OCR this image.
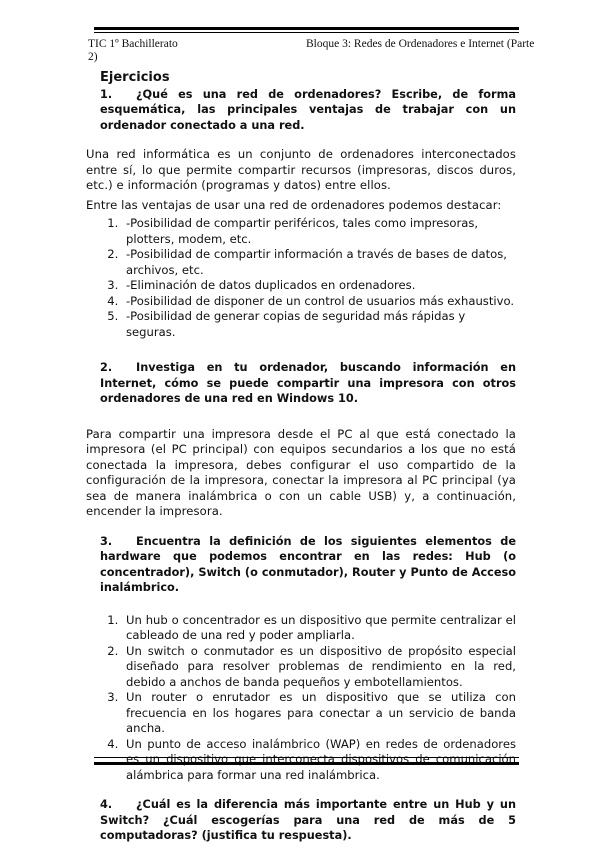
TIC 1º Bachillerato	Bloque 3: Redes de Ordenadores e Internet (Parte
2)
Ejercicios

1. ¿Qué es una red de ordenadores? Escribe, de forma esquemática, las principales ventajas de trabajar con un ordenador conectado a una red.

Una red informática es un conjunto de ordenadores interconectados entre sí, lo que permite compartir recursos (impresoras, discos duros, etc.) e información (programas y datos) entre ellos.

Entre las ventajas de usar una red de ordenadores podemos destacar:

1. -Posibilidad de compartir periféricos, tales como impresoras, plotters, modem, etc.
2. -Posibilidad de compartir información a través de bases de datos, archivos, etc.
3. -Eliminación de datos duplicados en ordenadores.
4. -Posibilidad de disponer de un control de usuarios más exhaustivo.
5. -Posibilidad de generar copias de seguridad más rápidas y seguras.

2. Investiga en tu ordenador, buscando información en Internet, cómo se puede compartir una impresora con otros ordenadores de una red en Windows 10.

Para compartir una impresora desde el PC al que está conectado la impresora (el PC principal) con equipos secundarios a los que no está conectada la impresora, debes configurar el uso compartido de la configuración de la impresora, conectar la impresora al PC principal (ya sea de manera inalámbrica o con un cable USB) y, a continuación, encender la impresora.

3. Encuentra la definición de los siguientes elementos de hardware que podemos encontrar en las redes: Hub (o concentrador), Switch (o conmutador), Router y Punto de Acceso inalámbrico.

1. Un hub o concentrador es un dispositivo que permite centralizar el cableado de una red y poder ampliarla.
2. Un switch o conmutador es un dispositivo de propósito especial diseñado para resolver problemas de rendimiento en la red, debido a anchos de banda pequeños y embotellamientos.
3. Un router o enrutador es un dispositivo que se utiliza con frecuencia en los hogares para conectar a un servicio de banda ancha.
4. Un punto de acceso inalámbrico (WAP) en redes de ordenadores es un dispositivo que interconecta dispositivos de comunicación alámbrica para formar una red inalámbrica.

4. ¿Cuál es la diferencia más importante entre un Hub y un Switch? ¿Cuál escogerías para una red de más de 5 computadoras? (justifica tu respuesta).
